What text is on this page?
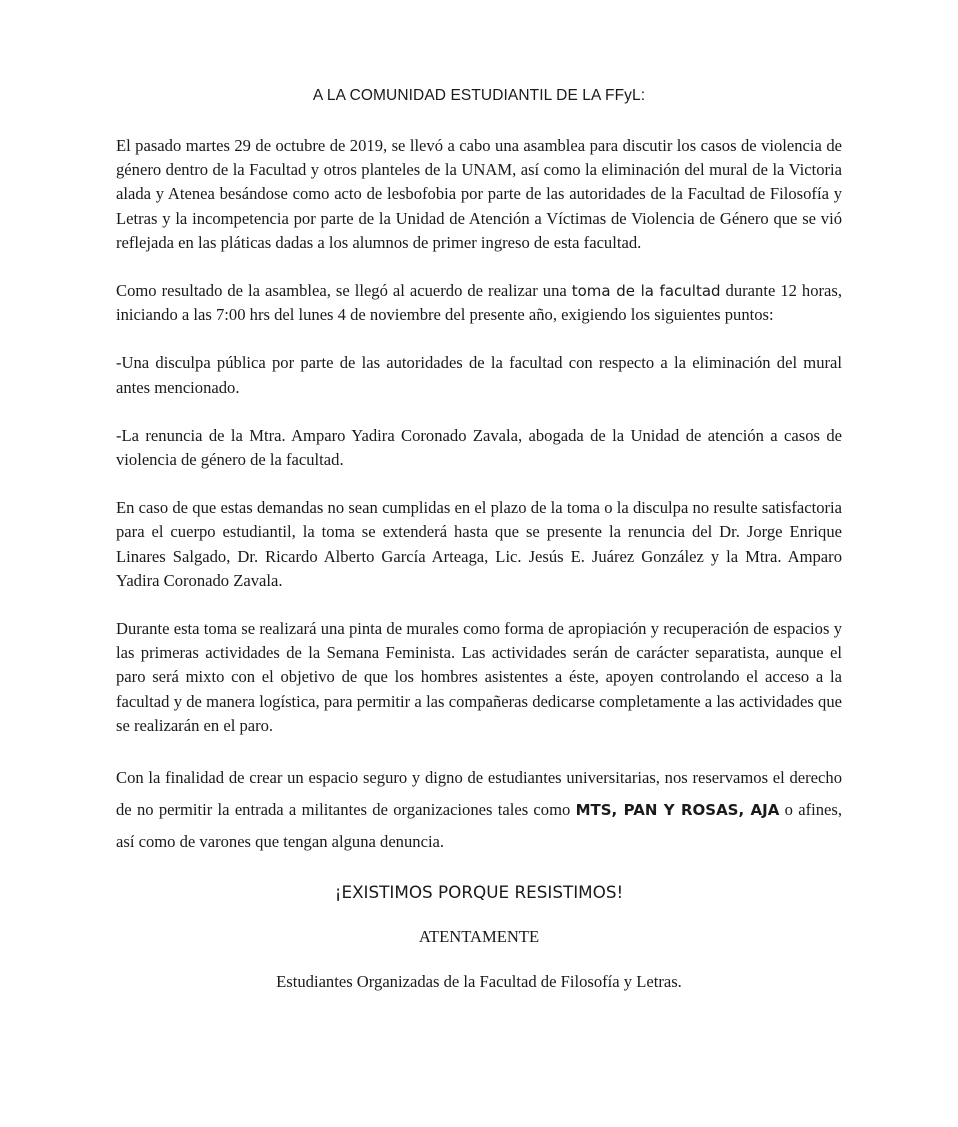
A LA COMUNIDAD ESTUDIANTIL DE LA FFyL:

El pasado martes 29 de octubre de 2019, se llevó a cabo una asamblea para discutir los casos de violencia de género dentro de la Facultad y otros planteles de la UNAM, así como la eliminación del mural de la Victoria alada y Atenea besándose como acto de lesbofobia por parte de las autoridades de la Facultad de Filosofía y Letras y la incompetencia por parte de la Unidad de Atención a Víctimas de Violencia de Género que se vió reflejada en las pláticas dadas a los alumnos de primer ingreso de esta facultad.

Como resultado de la asamblea, se llegó al acuerdo de realizar una toma de la facultad durante 12 horas, iniciando a las 7:00 hrs del lunes 4 de noviembre del presente año, exigiendo los siguientes puntos:

-Una disculpa pública por parte de las autoridades de la facultad con respecto a la eliminación del mural antes mencionado.

-La renuncia de la Mtra. Amparo Yadira Coronado Zavala, abogada de la Unidad de atención a casos de violencia de género de la facultad.

En caso de que estas demandas no sean cumplidas en el plazo de la toma o la disculpa no resulte satisfactoria para el cuerpo estudiantil, la toma se extenderá hasta que se presente la renuncia del Dr. Jorge Enrique Linares Salgado, Dr. Ricardo Alberto García Arteaga, Lic. Jesús E. Juárez González y la Mtra. Amparo Yadira Coronado Zavala.

Durante esta toma se realizará una pinta de murales como forma de apropiación y recuperación de espacios y las primeras actividades de la Semana Feminista. Las actividades serán de carácter separatista, aunque el paro será mixto con el objetivo de que los hombres asistentes a éste, apoyen controlando el acceso a la facultad y de manera logística, para permitir a las compañeras dedicarse completamente a las actividades que se realizarán en el paro.

Con la finalidad de crear un espacio seguro y digno de estudiantes universitarias, nos reservamos el derecho de no permitir la entrada a militantes de organizaciones tales como MTS, PAN Y ROSAS, AJA o afines, así como de varones que tengan alguna denuncia.

¡EXISTIMOS PORQUE RESISTIMOS!
ATENTAMENTE
Estudiantes Organizadas de la Facultad de Filosofía y Letras.
